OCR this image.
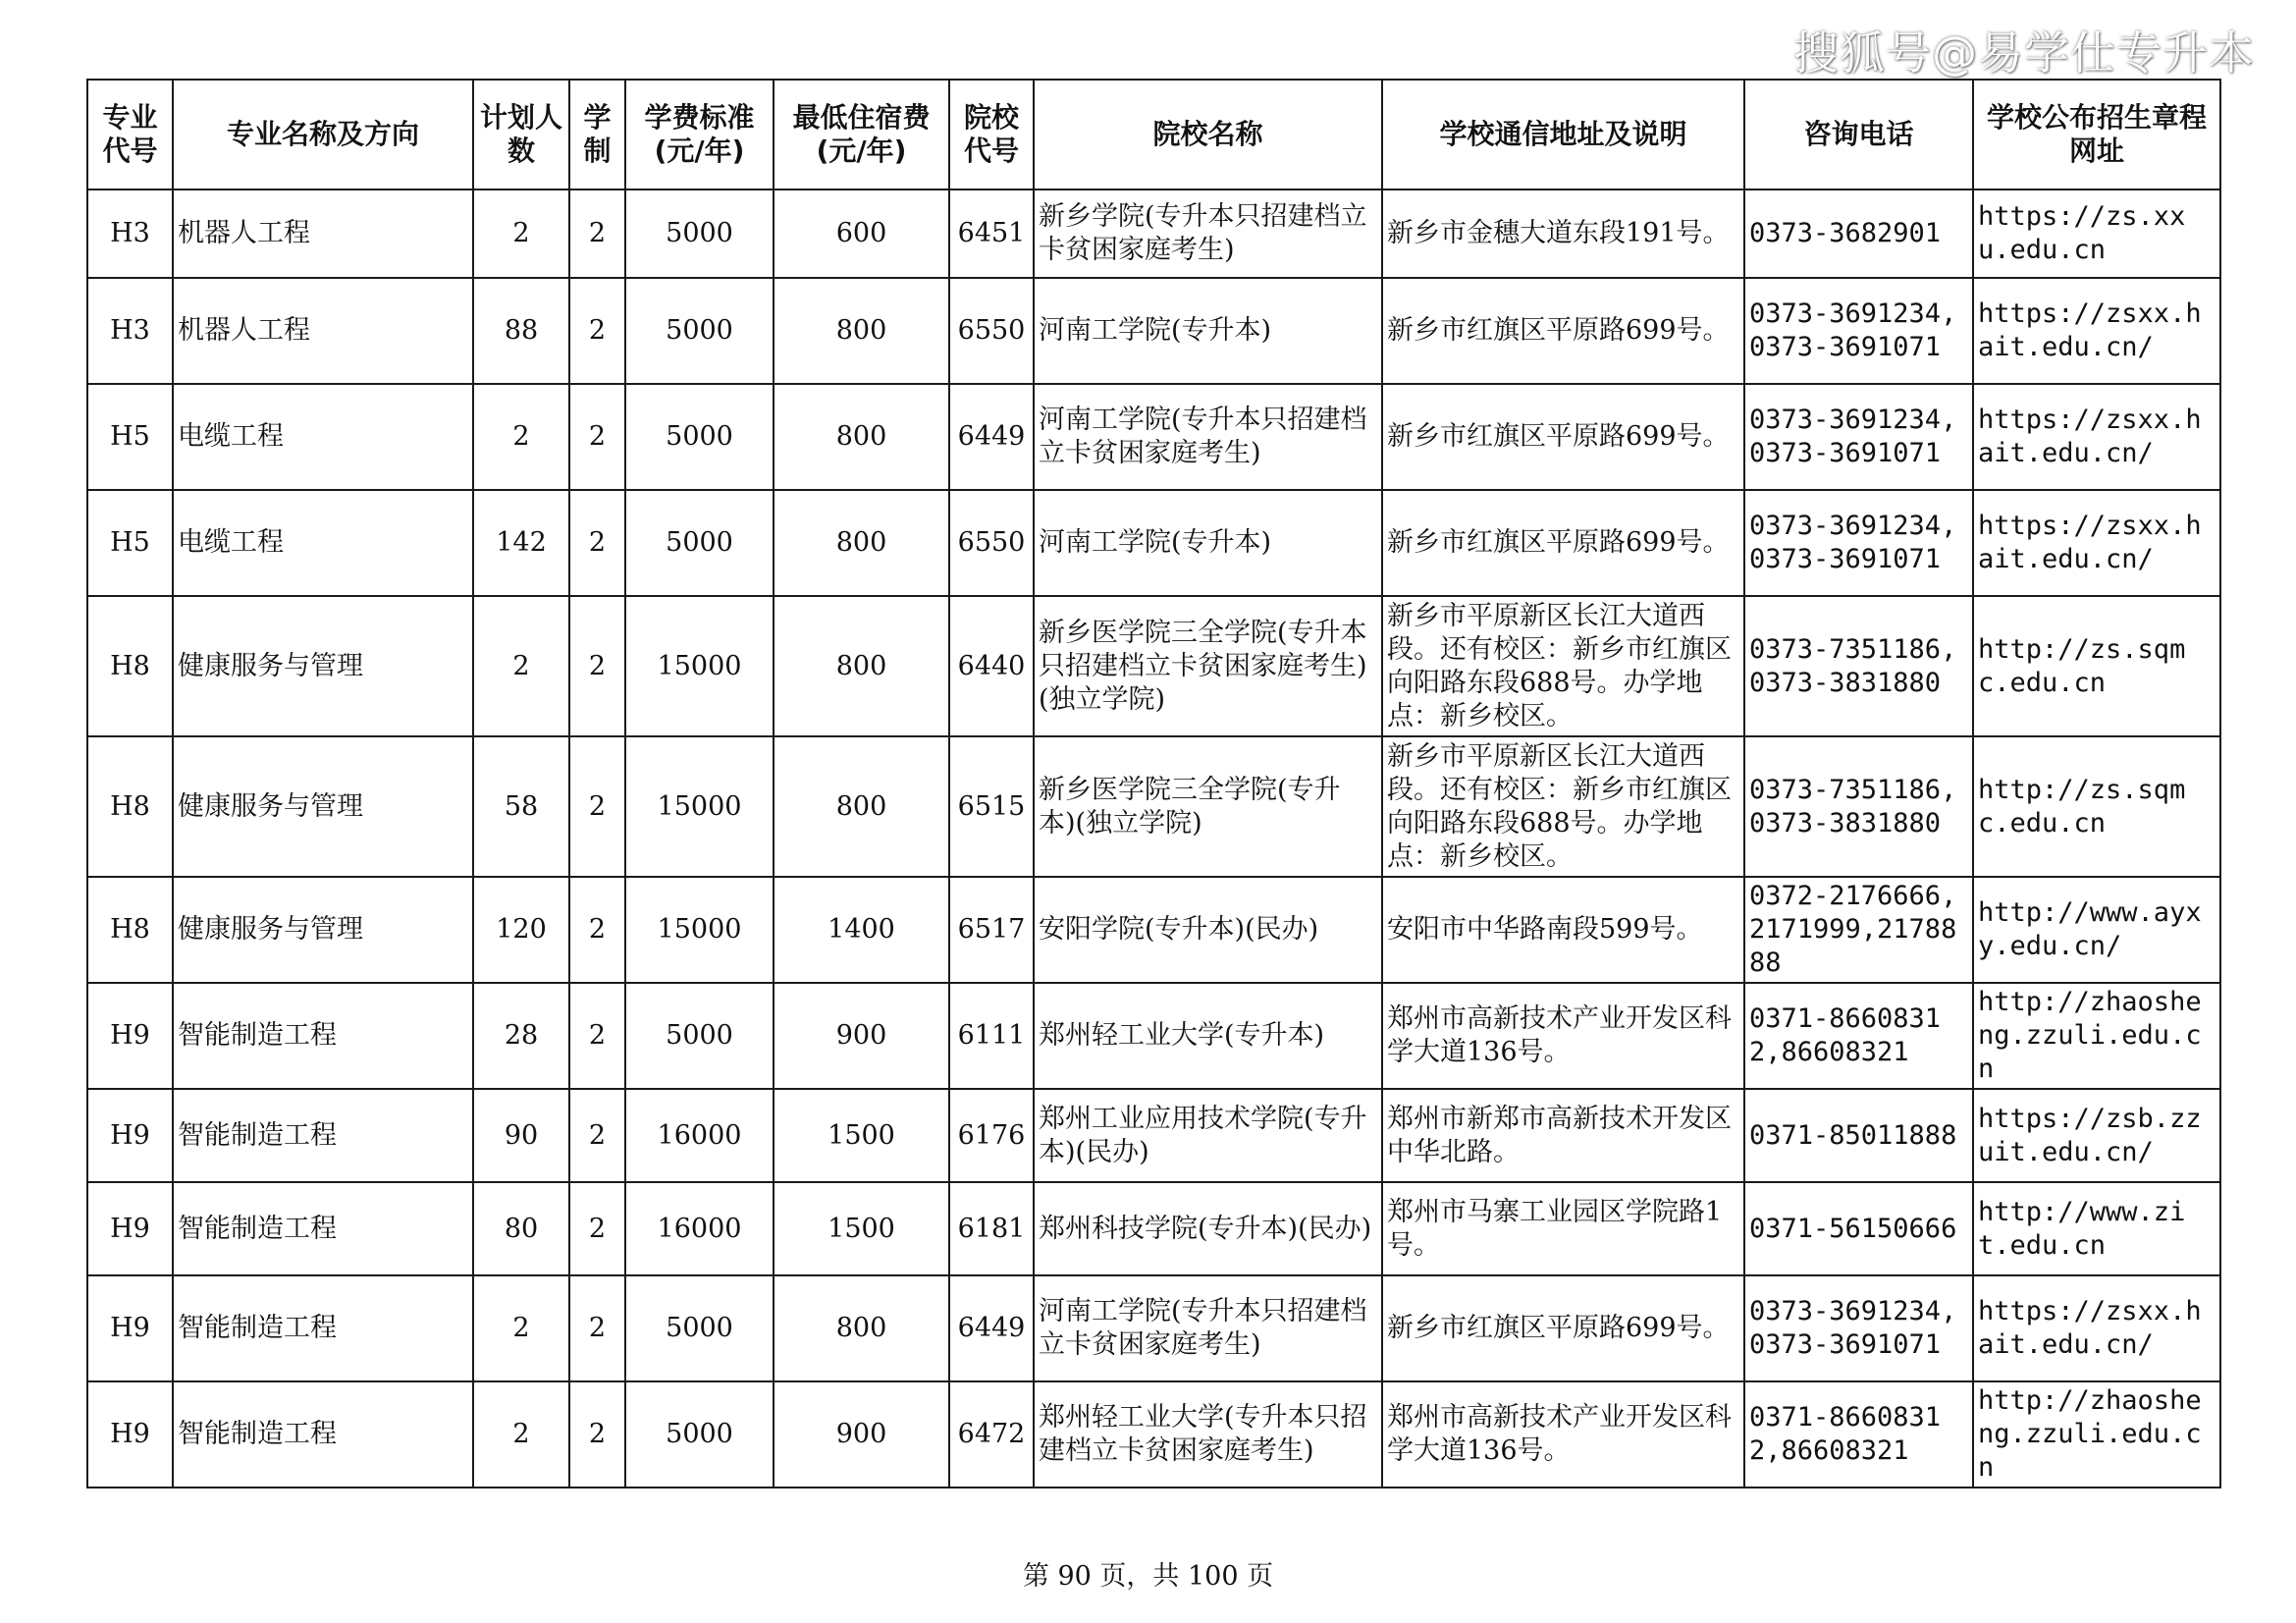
搜狐号@易学仕专升本
专业代号	专业名称及方向	计划人数	学制	学费标准(元/年)	最低住宿费(元/年)	院校代号	院校名称	学校通信地址及说明	咨询电话	学校公布招生章程网址
H3	机器人工程	2	2	5000	600	6451	新乡学院(专升本只招建档立卡贫困家庭考生)	新乡市金穗大道东段191号。	0373-3682901	https://zs.xxu.edu.cn
H3	机器人工程	88	2	5000	800	6550	河南工学院(专升本)	新乡市红旗区平原路699号。	0373-3691234,0373-3691071	https://zsxx.hait.edu.cn/
H5	电缆工程	2	2	5000	800	6449	河南工学院(专升本只招建档立卡贫困家庭考生)	新乡市红旗区平原路699号。	0373-3691234,0373-3691071	https://zsxx.hait.edu.cn/
H5	电缆工程	142	2	5000	800	6550	河南工学院(专升本)	新乡市红旗区平原路699号。	0373-3691234,0373-3691071	https://zsxx.hait.edu.cn/
H8	健康服务与管理	2	2	15000	800	6440	新乡医学院三全学院(专升本只招建档立卡贫困家庭考生)(独立学院)	新乡市平原新区长江大道西段。还有校区：新乡市红旗区向阳路东段688号。办学地点：新乡校区。	0373-7351186,0373-3831880	http://zs.sqmc.edu.cn
H8	健康服务与管理	58	2	15000	800	6515	新乡医学院三全学院(专升本)(独立学院)	新乡市平原新区长江大道西段。还有校区：新乡市红旗区向阳路东段688号。办学地点：新乡校区。	0373-7351186,0373-3831880	http://zs.sqmc.edu.cn
H8	健康服务与管理	120	2	15000	1400	6517	安阳学院(专升本)(民办)	安阳市中华路南段599号。	0372-2176666,2171999,2178888	http://www.ayxy.edu.cn/
H9	智能制造工程	28	2	5000	900	6111	郑州轻工业大学(专升本)	郑州市高新技术产业开发区科学大道136号。	0371-86608312,86608321	http://zhaosheng.zzuli.edu.cn
H9	智能制造工程	90	2	16000	1500	6176	郑州工业应用技术学院(专升本)(民办)	郑州市新郑市高新技术开发区中华北路。	0371-85011888	https://zsb.zzuit.edu.cn/
H9	智能制造工程	80	2	16000	1500	6181	郑州科技学院(专升本)(民办)	郑州市马寨工业园区学院路1号。	0371-56150666	http://www.zit.edu.cn
H9	智能制造工程	2	2	5000	800	6449	河南工学院(专升本只招建档立卡贫困家庭考生)	新乡市红旗区平原路699号。	0373-3691234,0373-3691071	https://zsxx.hait.edu.cn/
H9	智能制造工程	2	2	5000	900	6472	郑州轻工业大学(专升本只招建档立卡贫困家庭考生)	郑州市高新技术产业开发区科学大道136号。	0371-86608312,86608321	http://zhaosheng.zzuli.edu.cn
第 90 页，共 100 页
